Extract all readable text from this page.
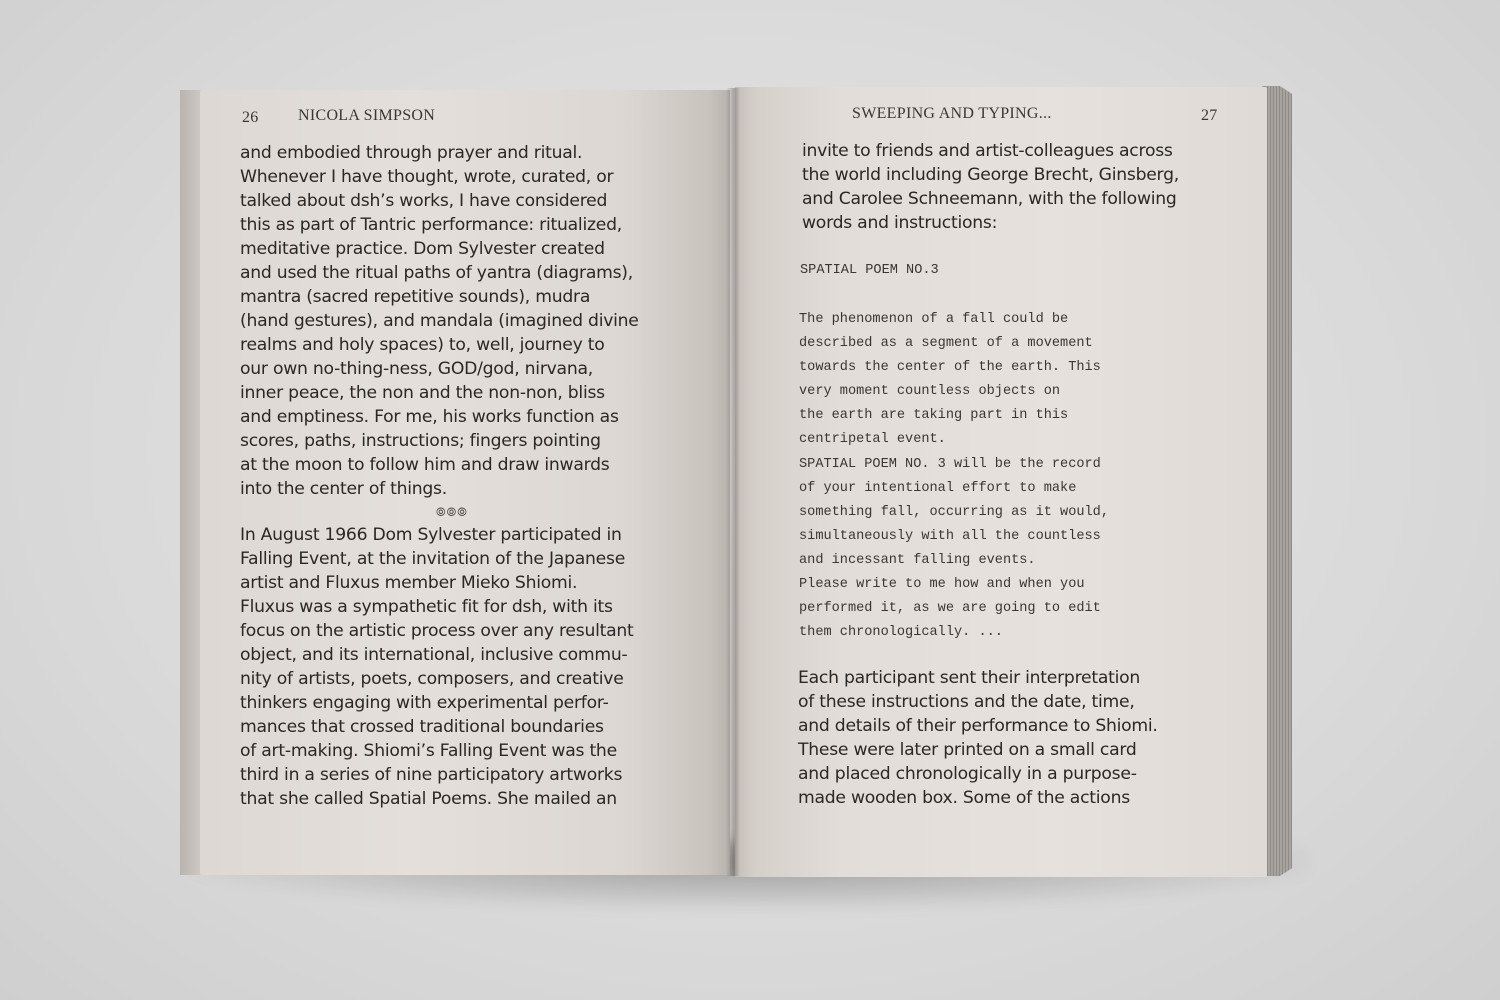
26 NICOLA SIMPSON

and embodied through prayer and ritual.
Whenever I have thought, wrote, curated, or
talked about dsh’s works, I have considered
this as part of Tantric performance: ritualized,
meditative practice. Dom Sylvester created
and used the ritual paths of yantra (diagrams),
mantra (sacred repetitive sounds), mudra
(hand gestures), and mandala (imagined divine
realms and holy spaces) to, well, journey to
our own no-thing-ness, GOD/god, nirvana,
inner peace, the non and the non-non, bliss
and emptiness. For me, his works function as
scores, paths, instructions; fingers pointing
at the moon to follow him and draw inwards
into the center of things.

⦾⦾⦾

In August 1966 Dom Sylvester participated in
Falling Event, at the invitation of the Japanese
artist and Fluxus member Mieko Shiomi.
Fluxus was a sympathetic fit for dsh, with its
focus on the artistic process over any resultant
object, and its international, inclusive commu-
nity of artists, poets, composers, and creative
thinkers engaging with experimental perfor-
mances that crossed traditional boundaries
of art-making. Shiomi’s Falling Event was the
third in a series of nine participatory artworks
that she called Spatial Poems. She mailed an

SWEEPING AND TYPING...	27

invite to friends and artist-colleagues across
the world including George Brecht, Ginsberg,
and Carolee Schneemann, with the following
words and instructions:

SPATIAL POEM NO.3

The phenomenon of a fall could be
described as a segment of a movement
towards the center of the earth. This
very moment countless objects on
the earth are taking part in this
centripetal event.
SPATIAL POEM NO. 3 will be the record
of your intentional effort to make
something fall, occurring as it would,
simultaneously with all the countless
and incessant falling events.
Please write to me how and when you
performed it, as we are going to edit
them chronologically. ...

Each participant sent their interpretation
of these instructions and the date, time,
and details of their performance to Shiomi.
These were later printed on a small card
and placed chronologically in a purpose-
made wooden box. Some of the actions
